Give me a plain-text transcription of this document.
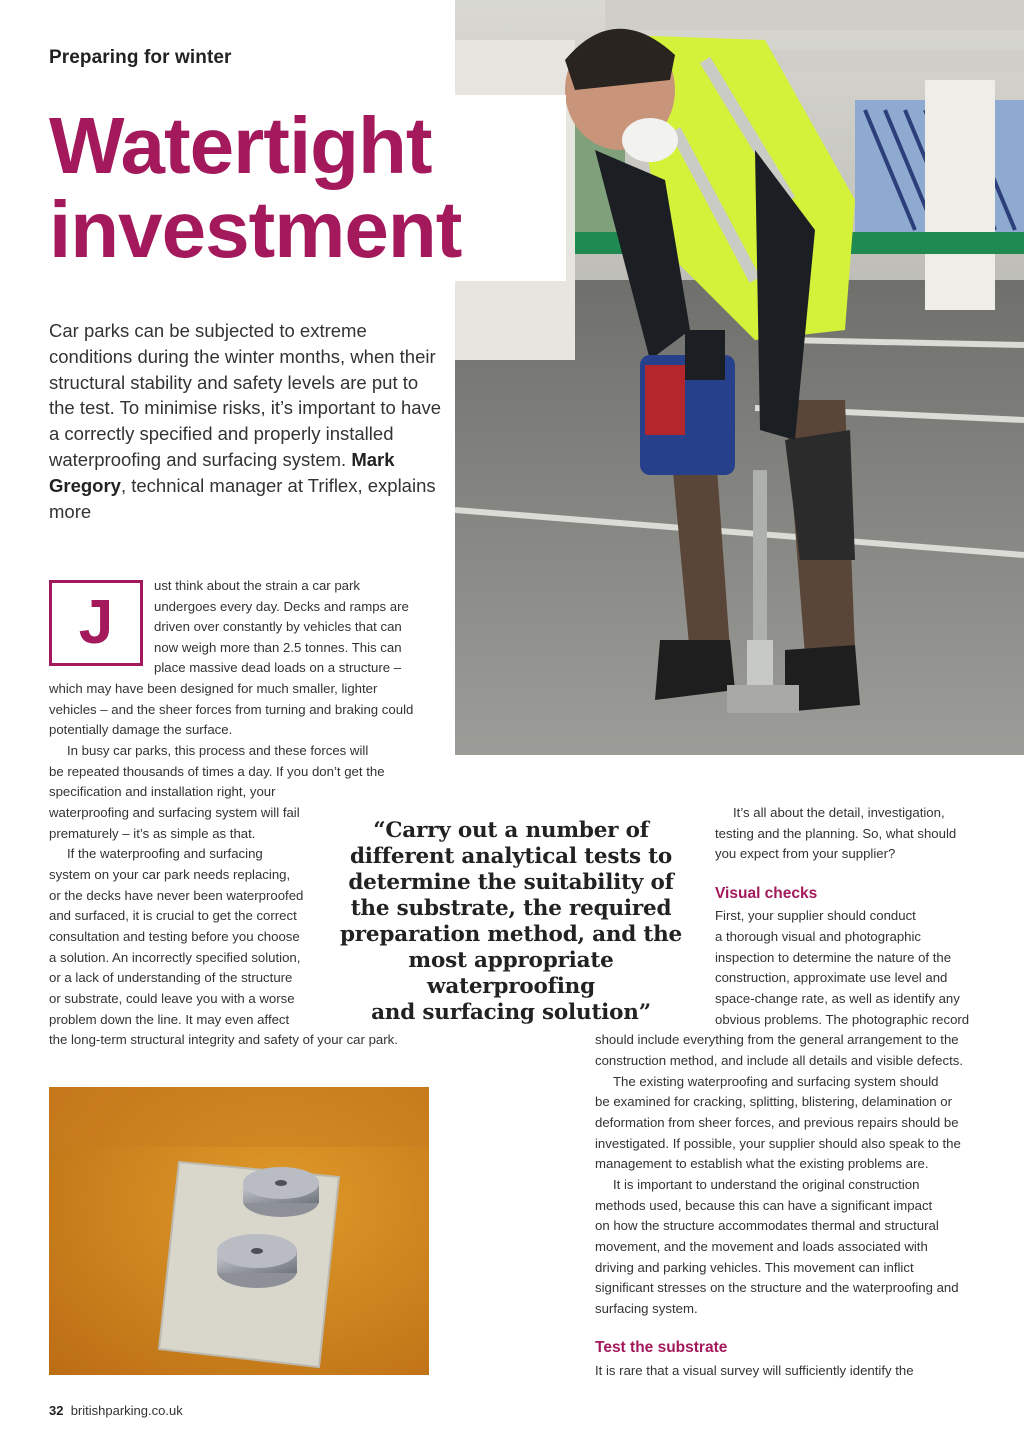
Preparing for winter
Watertight
investment
Car parks can be subjected to extreme conditions during the winter months, when their structural stability and safety levels are put to the test. To minimise risks, it’s important to have a correctly specified and properly installed waterproofing and surfacing system. Mark Gregory, technical manager at Triflex, explains more
J
ust think about the strain a car park
undergoes every day. Decks and ramps are
driven over constantly by vehicles that can
now weigh more than 2.5 tonnes. This can
place massive dead loads on a structure –
which may have been designed for much smaller, lighter
vehicles – and the sheer forces from turning and braking could
potentially damage the surface.
In busy car parks, this process and these forces will
be repeated thousands of times a day. If you don’t get the
specification and installation right, your
waterproofing and surfacing system will fail
prematurely – it’s as simple as that.
If the waterproofing and surfacing
system on your car park needs replacing,
or the decks have never been waterproofed
and surfaced, it is crucial to get the correct
consultation and testing before you choose
a solution. An incorrectly specified solution,
or a lack of understanding of the structure
or substrate, could leave you with a worse
problem down the line. It may even affect
the long-term structural integrity and safety of your car park.
“Carry out a number of
different analytical tests to
determine the suitability of
the substrate, the required
preparation method, and the
most appropriate waterproofing
and surfacing solution”
It’s all about the detail, investigation,
testing and the planning. So, what should
you expect from your supplier?
Visual checks
First, your supplier should conduct
a thorough visual and photographic
inspection to determine the nature of the
construction, approximate use level and
space-change rate, as well as identify any
obvious problems. The photographic record
should include everything from the general arrangement to the
construction method, and include all details and visible defects.
The existing waterproofing and surfacing system should
be examined for cracking, splitting, blistering, delamination or
deformation from sheer forces, and previous repairs should be
investigated. If possible, your supplier should also speak to the
management to establish what the existing problems are.
It is important to understand the original construction
methods used, because this can have a significant impact
on how the structure accommodates thermal and structural
movement, and the movement and loads associated with
driving and parking vehicles. This movement can inflict
significant stresses on the structure and the waterproofing and
surfacing system.
Test the substrate
It is rare that a visual survey will sufficiently identify the
32 britishparking.co.uk
